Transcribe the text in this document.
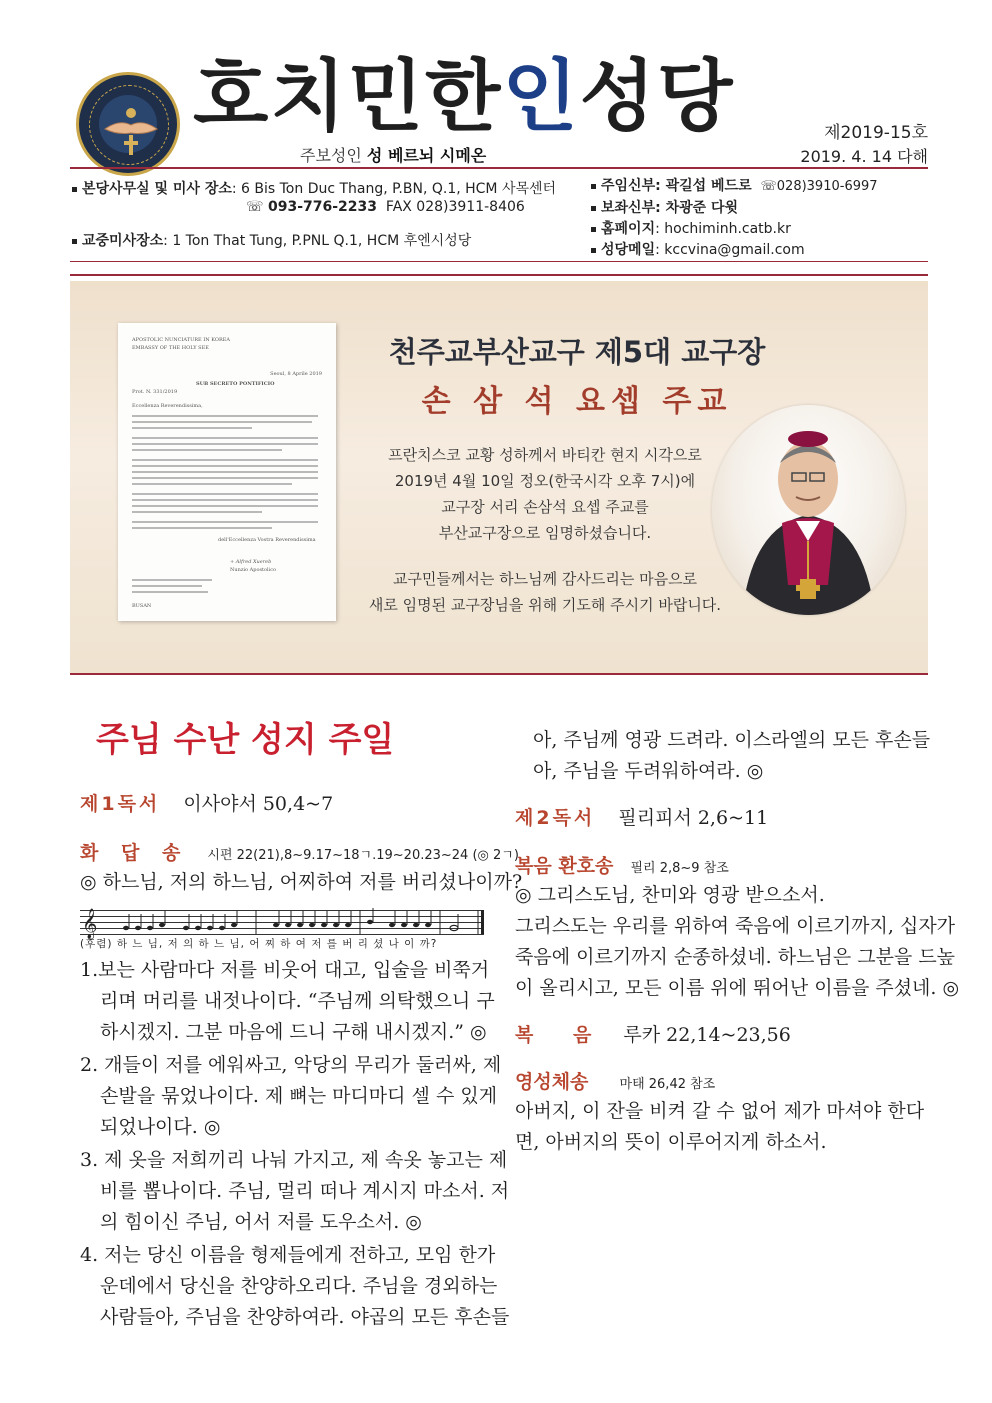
호치민한인성당
주보성인 성 베르뇌 시메온
제2019-15호
2019. 4. 14 다해
본당사무실 및 미사 장소: 6 Bis Ton Duc Thang, P.BN, Q.1, HCM 사목센터
☏ 093-776-2233 FAX 028)3911-8406
교중미사장소: 1 Ton That Tung, P.PNL Q.1, HCM 후엔시성당
주임신부: 곽길섭 베드로 ☏028)3910-6997
보좌신부: 차광준 다윗
홈페이지: hochiminh.catb.kr
성당메일: kccvina@gmail.com
APOSTOLIC NUNCIATURE IN KOREA
EMBASSY OF THE HOLY SEE
Seoul, 8 Aprile 2019
SUB SECRETO PONTIFICIO
Prot. N. 331/2019
Eccellenza Reverendissima,
dell'Eccellenza Vostra Reverendissima
+ Alfred Xuereb
Nunzio Apostolico
BUSAN
천주교부산교구 제5대 교구장
손 삼 석 요셉 주교
프란치스코 교황 성하께서 바티칸 현지 시각으로
2019년 4월 10일 정오(한국시각 오후 7시)에
교구장 서리 손삼석 요셉 주교를
부산교구장으로 임명하셨습니다.
교구민들께서는 하느님께 감사드리는 마음으로
새로 임명된 교구장님을 위해 기도해 주시기 바랍니다.
주님 수난 성지 주일
제1독서 이사야서 50,4~7
화 답 송 시편 22(21),8~9.17~18ㄱ.19~20.23~24 (◎ 2ㄱ)
◎ 하느님, 저의 하느님, 어찌하여 저를 버리셨나이까?
𝄞
(후렴) 하 느 님, 저 의 하 느 님, 어 찌 하 여 저 를 버 리 셨 나 이 까?
1.보는 사람마다 저를 비웃어 대고, 입술을 비쭉거
리며 머리를 내젓나이다. “주님께 의탁했으니 구
하시겠지. 그분 마음에 드니 구해 내시겠지.” ◎
2. 개들이 저를 에워싸고, 악당의 무리가 둘러싸, 제
손발을 묶었나이다. 제 뼈는 마디마디 셀 수 있게
되었나이다. ◎
3. 제 옷을 저희끼리 나눠 가지고, 제 속옷 놓고는 제
비를 뽑나이다. 주님, 멀리 떠나 계시지 마소서. 저
의 힘이신 주님, 어서 저를 도우소서. ◎
4. 저는 당신 이름을 형제들에게 전하고, 모임 한가
운데에서 당신을 찬양하오리다. 주님을 경외하는
사람들아, 주님을 찬양하여라. 야곱의 모든 후손들
아, 주님께 영광 드려라. 이스라엘의 모든 후손들
아, 주님을 두려워하여라. ◎
제2독서 필리피서 2,6~11
복음 환호송 필리 2,8~9 참조
◎ 그리스도님, 찬미와 영광 받으소서.
그리스도는 우리를 위하여 죽음에 이르기까지, 십자가
죽음에 이르기까지 순종하셨네. 하느님은 그분을 드높
이 올리시고, 모든 이름 위에 뛰어난 이름을 주셨네. ◎
복      음 루카 22,14~23,56
영성체송 마태 26,42 참조
아버지, 이 잔을 비켜 갈 수 없어 제가 마셔야 한다
면, 아버지의 뜻이 이루어지게 하소서.
